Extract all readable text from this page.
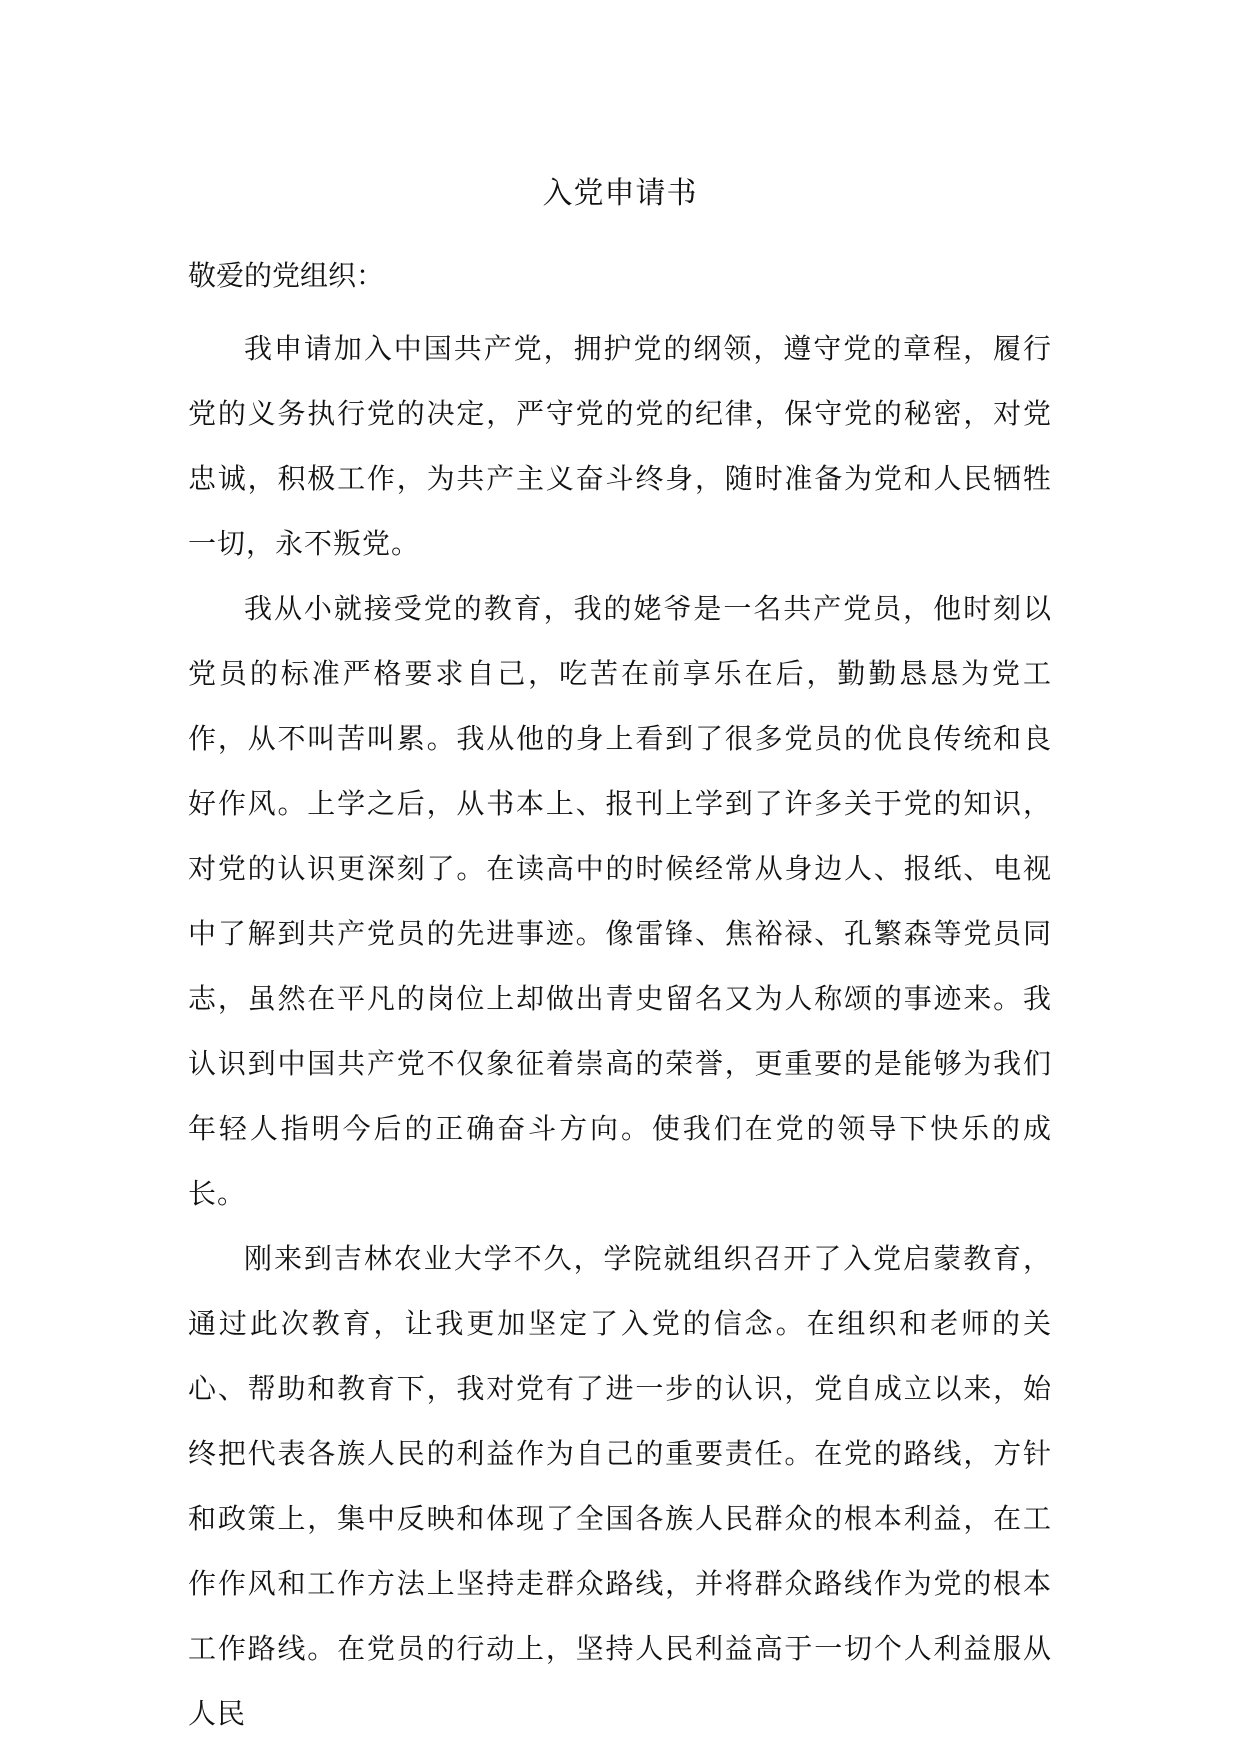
入党申请书

敬爱的党组织：

我申请加入中国共产党，拥护党的纲领，遵守党的章程，履行党的义务执行党的决定，严守党的党的纪律，保守党的秘密，对党忠诚，积极工作，为共产主义奋斗终身，随时准备为党和人民牺牲一切，永不叛党。

我从小就接受党的教育，我的姥爷是一名共产党员，他时刻以党员的标准严格要求自己，吃苦在前享乐在后，勤勤恳恳为党工作，从不叫苦叫累。我从他的身上看到了很多党员的优良传统和良好作风。上学之后，从书本上、报刊上学到了许多关于党的知识，对党的认识更深刻了。在读高中的时候经常从身边人、报纸、电视中了解到共产党员的先进事迹。像雷锋、焦裕禄、孔繁森等党员同志，虽然在平凡的岗位上却做出青史留名又为人称颂的事迹来。我认识到中国共产党不仅象征着崇高的荣誉，更重要的是能够为我们年轻人指明今后的正确奋斗方向。使我们在党的领导下快乐的成长。

刚来到吉林农业大学不久，学院就组织召开了入党启蒙教育，通过此次教育，让我更加坚定了入党的信念。在组织和老师的关心、帮助和教育下，我对党有了进一步的认识，党自成立以来，始终把代表各族人民的利益作为自己的重要责任。在党的路线，方针和政策上，集中反映和体现了全国各族人民群众的根本利益，在工作作风和工作方法上坚持走群众路线，并将群众路线作为党的根本工作路线。在党员的行动上，坚持人民利益高于一切个人利益服从人民
